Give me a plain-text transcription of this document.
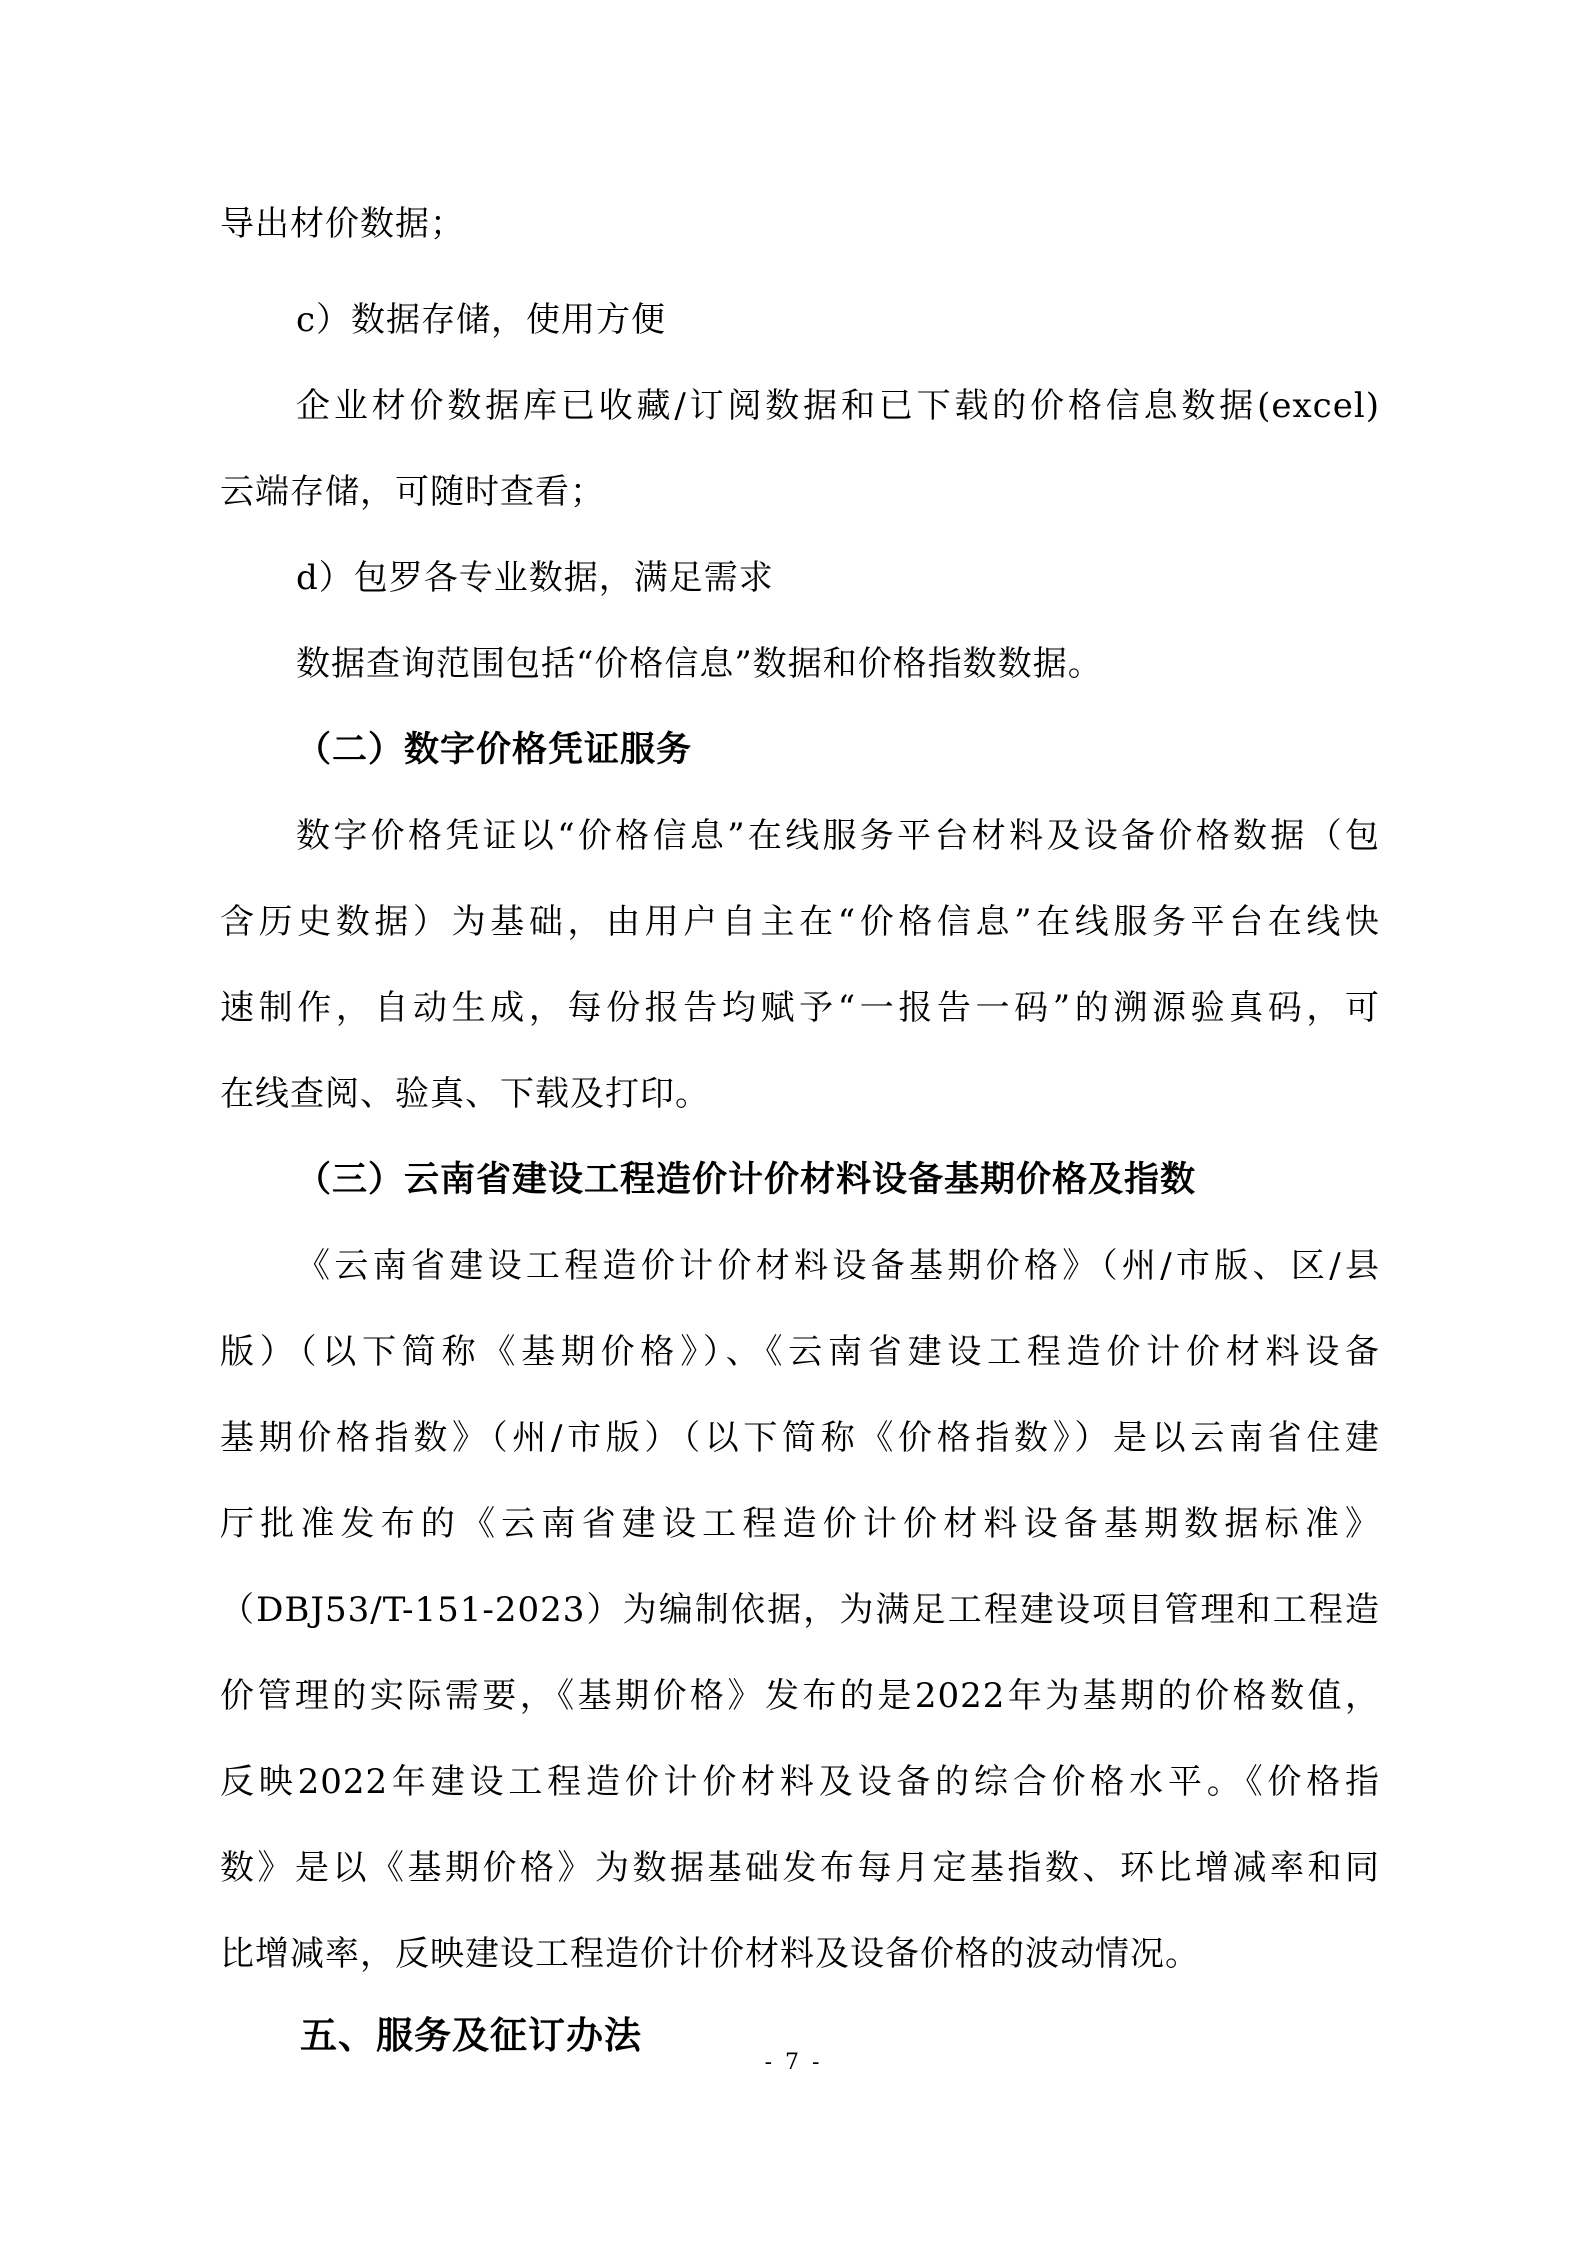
导出材价数据；
c）数据存储，使用方便
企业材价数据库已收藏/订阅数据和已下载的价格信息数据(excel)
云端存储，可随时查看；
d）包罗各专业数据，满足需求
数据查询范围包括“价格信息”数据和价格指数数据。
（二）数字价格凭证服务
数字价格凭证以“价格信息”在线服务平台材料及设备价格数据（包
含历史数据）为基础，由用户自主在“价格信息”在线服务平台在线快
速制作，自动生成，每份报告均赋予“一报告一码”的溯源验真码，可
在线查阅、验真、下载及打印。
（三）云南省建设工程造价计价材料设备基期价格及指数
《云南省建设工程造价计价材料设备基期价格》（州/市版、区/县
版）（以下简称《基期价格》）、《云南省建设工程造价计价材料设备
基期价格指数》（州/市版）（以下简称《价格指数》）是以云南省住建
厅批准发布的《云南省建设工程造价计价材料设备基期数据标准》
（DBJ53/T-151-2023）为编制依据，为满足工程建设项目管理和工程造
价管理的实际需要，《基期价格》发布的是2022年为基期的价格数值，
反映2022年建设工程造价计价材料及设备的综合价格水平。《价格指
数》是以《基期价格》为数据基础发布每月定基指数、环比增减率和同
比增减率，反映建设工程造价计价材料及设备价格的波动情况。
五、服务及征订办法
- 7 -
